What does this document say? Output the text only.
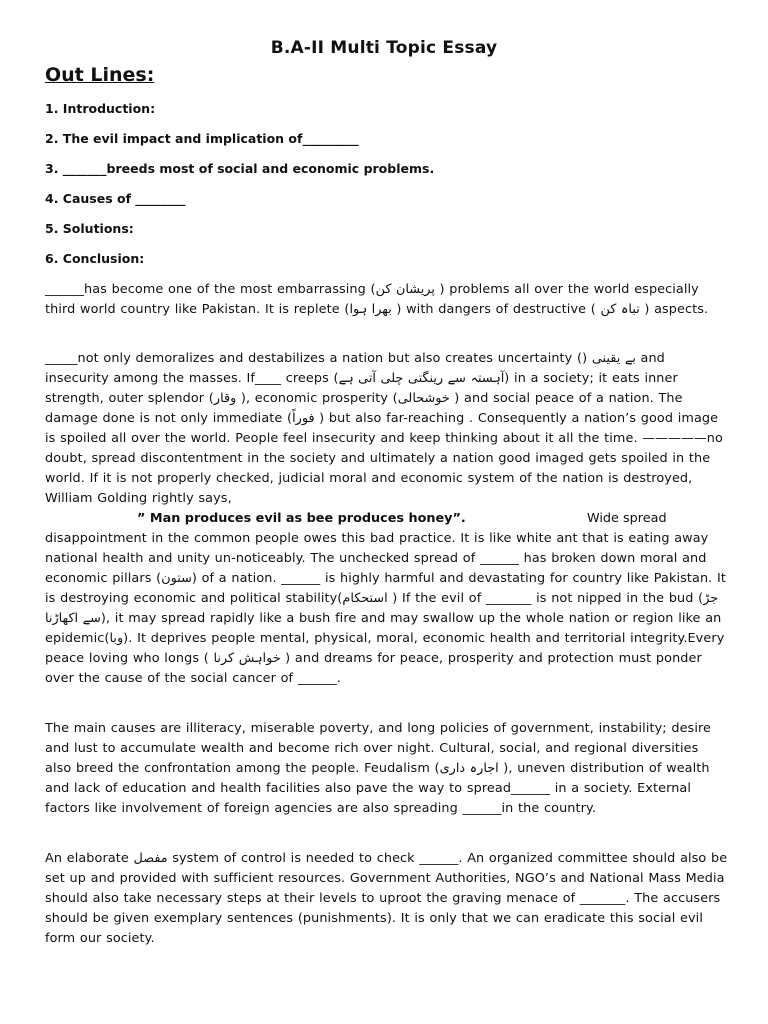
B.A-II Multi Topic Essay
Out Lines:
1. Introduction:
2. The evil impact and implication of_________
3. _______breeds most of social and economic problems.
4. Causes of ________
5. Solutions:
6. Conclusion:

______has become one of the most embarrassing (پریشان کن ) problems all over the world especially third world country like Pakistan. It is replete (بھرا ہوا ) with dangers of destructive ( تباہ کن ) aspects.

_____not only demoralizes and destabilizes a nation but also creates uncertainty () بے یقینی and insecurity among the masses. If____ creeps (آہستہ سے رینگتی چلی آتی ہے) in a society; it eats inner strength, outer splendor (وقار ), economic prosperity (خوشحالی ) and social peace of a nation. The damage done is not only immediate (فوراً ) but also far-reaching . Consequently a nation’s good image is spoiled all over the world. People feel insecurity and keep thinking about it all the time. —————no doubt, spread discontentment in the society and ultimately a nation good imaged gets spoiled in the world. If it is not properly checked, judicial moral and economic system of the nation is destroyed, William Golding rightly says,

” Man produces evil as bee produces honey”.	Wide spread

disappointment in the common people owes this bad practice. It is like white ant that is eating away national health and unity un-noticeably. The unchecked spread of ______ has broken down moral and economic pillars (ستون) of a nation. ______ is highly harmful and devastating for country like Pakistan. It is destroying economic and political stability(استحکام ) If the evil of _______ is not nipped in the bud (جڑ سے اکھاڑنا), it may spread rapidly like a bush fire and may swallow up the whole nation or region like an epidemic(وبا). It deprives people mental, physical, moral, economic health and territorial integrity.Every peace loving who longs ( خواہش کرنا ) and dreams for peace, prosperity and protection must ponder over the cause of the social cancer of ______.

The main causes are illiteracy, miserable poverty, and long policies of government, instability; desire and lust to accumulate wealth and become rich over night. Cultural, social, and regional diversities also breed the confrontation among the people. Feudalism (اجارہ داری ), uneven distribution of wealth and lack of education and health facilities also pave the way to spread______ in a society. External factors like involvement of foreign agencies are also spreading ______in the country.

An elaborate مفصل system of control is needed to check ______. An organized committee should also be set up and provided with sufficient resources. Government Authorities, NGO’s and National Mass Media should also take necessary steps at their levels to uproot the graving menace of _______. The accusers should be given exemplary sentences (punishments). It is only that we can eradicate this social evil form our society.
